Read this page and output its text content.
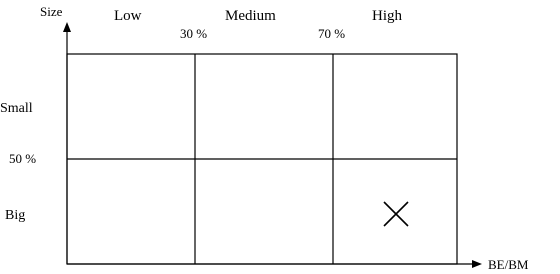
Size
BE/BM
Low	Medium	High
30 %	70 %
Small
50 %
Big
